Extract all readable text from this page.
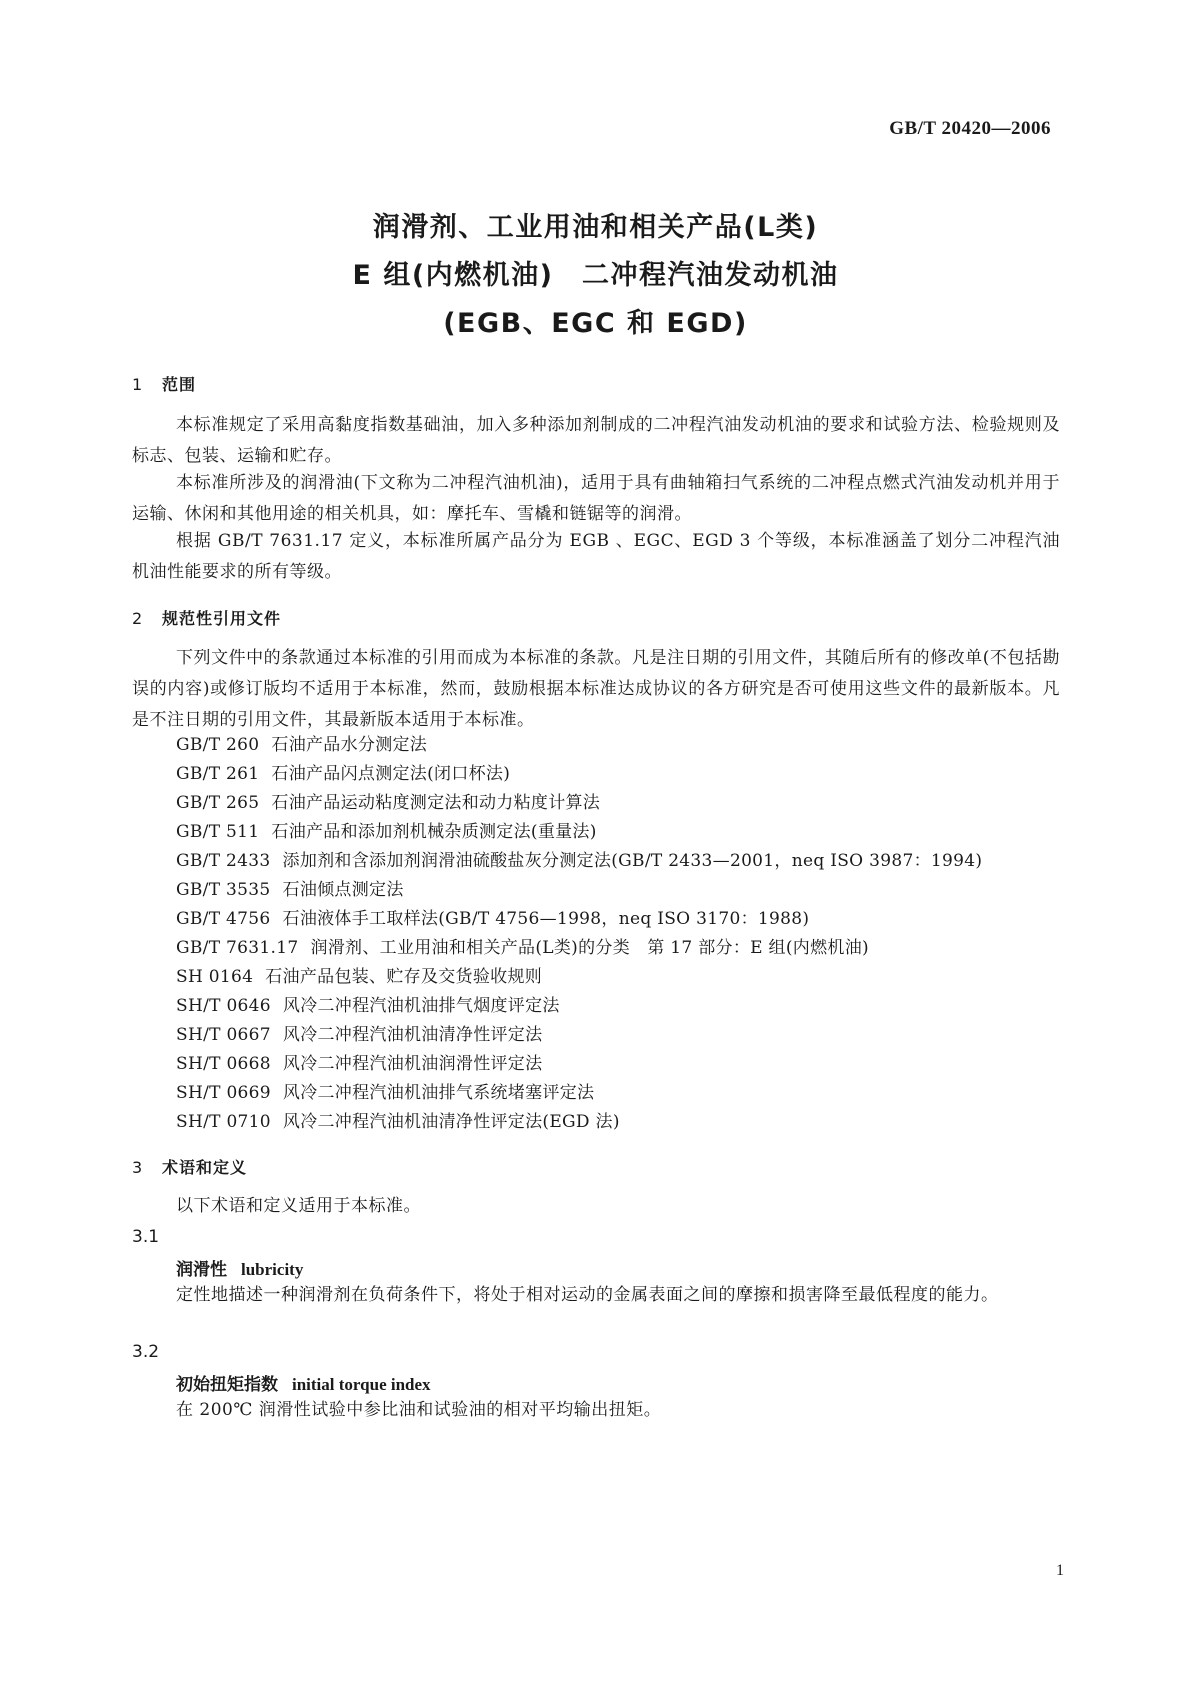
GB/T 20420—2006
润滑剂、工业用油和相关产品(L类)
E 组(内燃机油)　二冲程汽油发动机油
(EGB、EGC 和 EGD)
1 范围

本标准规定了采用高黏度指数基础油，加入多种添加剂制成的二冲程汽油发动机油的要求和试验方法、检验规则及标志、包装、运输和贮存。

本标准所涉及的润滑油(下文称为二冲程汽油机油)，适用于具有曲轴箱扫气系统的二冲程点燃式汽油发动机并用于运输、休闲和其他用途的相关机具，如：摩托车、雪橇和链锯等的润滑。

根据 GB/T 7631.17 定义，本标准所属产品分为 EGB 、EGC、EGD 3 个等级，本标准涵盖了划分二冲程汽油机油性能要求的所有等级。

2 规范性引用文件

下列文件中的条款通过本标准的引用而成为本标准的条款。凡是注日期的引用文件，其随后所有的修改单(不包括勘误的内容)或修订版均不适用于本标准，然而，鼓励根据本标准达成协议的各方研究是否可使用这些文件的最新版本。凡是不注日期的引用文件，其最新版本适用于本标准。

GB/T 260 石油产品水分测定法
GB/T 261 石油产品闪点测定法(闭口杯法)
GB/T 265 石油产品运动粘度测定法和动力粘度计算法
GB/T 511 石油产品和添加剂机械杂质测定法(重量法)
GB/T 2433 添加剂和含添加剂润滑油硫酸盐灰分测定法(GB/T 2433—2001，neq ISO 3987：1994)
GB/T 3535 石油倾点测定法
GB/T 4756 石油液体手工取样法(GB/T 4756—1998，neq ISO 3170：1988)
GB/T 7631.17 润滑剂、工业用油和相关产品(L类)的分类　第 17 部分：E 组(内燃机油)
SH 0164 石油产品包装、贮存及交货验收规则
SH/T 0646 风冷二冲程汽油机油排气烟度评定法
SH/T 0667 风冷二冲程汽油机油清净性评定法
SH/T 0668 风冷二冲程汽油机油润滑性评定法
SH/T 0669 风冷二冲程汽油机油排气系统堵塞评定法
SH/T 0710 风冷二冲程汽油机油清净性评定法(EGD 法)
3 术语和定义

以下术语和定义适用于本标准。

3.1
润滑性 lubricity

定性地描述一种润滑剂在负荷条件下，将处于相对运动的金属表面之间的摩擦和损害降至最低程度的能力。

3.2
初始扭矩指数 initial torque index

在 200℃ 润滑性试验中参比油和试验油的相对平均输出扭矩。

1
